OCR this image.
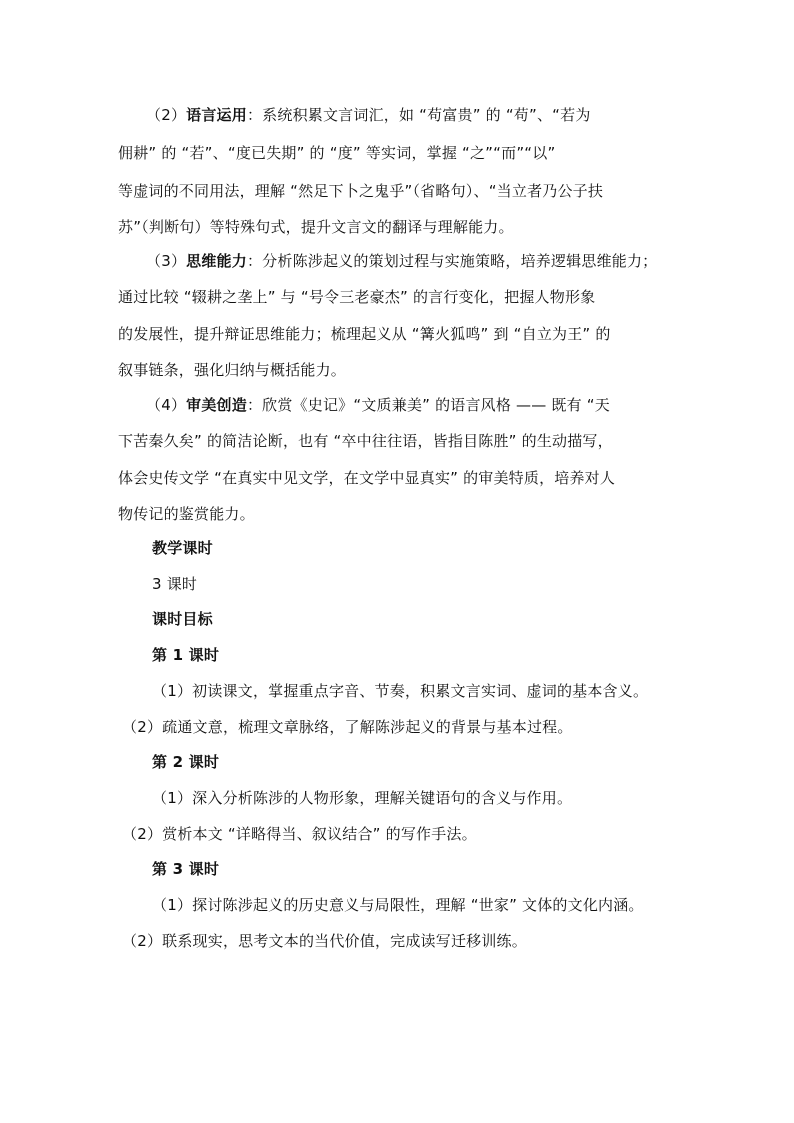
（2）语言运用：系统积累文言词汇，如 “苟富贵” 的 “苟”、“若为
佣耕” 的 “若”、“度已失期” 的 “度” 等实词，掌握 “之”“而”“以”
等虚词的不同用法，理解 “然足下卜之鬼乎”（省略句）、“当立者乃公子扶
苏”（判断句）等特殊句式，提升文言文的翻译与理解能力。
（3）思维能力：分析陈涉起义的策划过程与实施策略，培养逻辑思维能力；
通过比较 “辍耕之垄上” 与 “号令三老豪杰” 的言行变化，把握人物形象
的发展性，提升辩证思维能力；梳理起义从 “篝火狐鸣” 到 “自立为王” 的
叙事链条，强化归纳与概括能力。
（4）审美创造：欣赏《史记》“文质兼美” 的语言风格 —— 既有 “天
下苦秦久矣” 的简洁论断，也有 “卒中往往语，皆指目陈胜” 的生动描写，
体会史传文学 “在真实中见文学，在文学中显真实” 的审美特质，培养对人
物传记的鉴赏能力。
教学课时
3 课时
课时目标
第 1 课时
（1）初读课文，掌握重点字音、节奏，积累文言实词、虚词的基本含义。
（2）疏通文意，梳理文章脉络，了解陈涉起义的背景与基本过程。
第 2 课时
（1）深入分析陈涉的人物形象，理解关键语句的含义与作用。
（2）赏析本文 “详略得当、叙议结合” 的写作手法。
第 3 课时
（1）探讨陈涉起义的历史意义与局限性，理解 “世家” 文体的文化内涵。
（2）联系现实，思考文本的当代价值，完成读写迁移训练。
